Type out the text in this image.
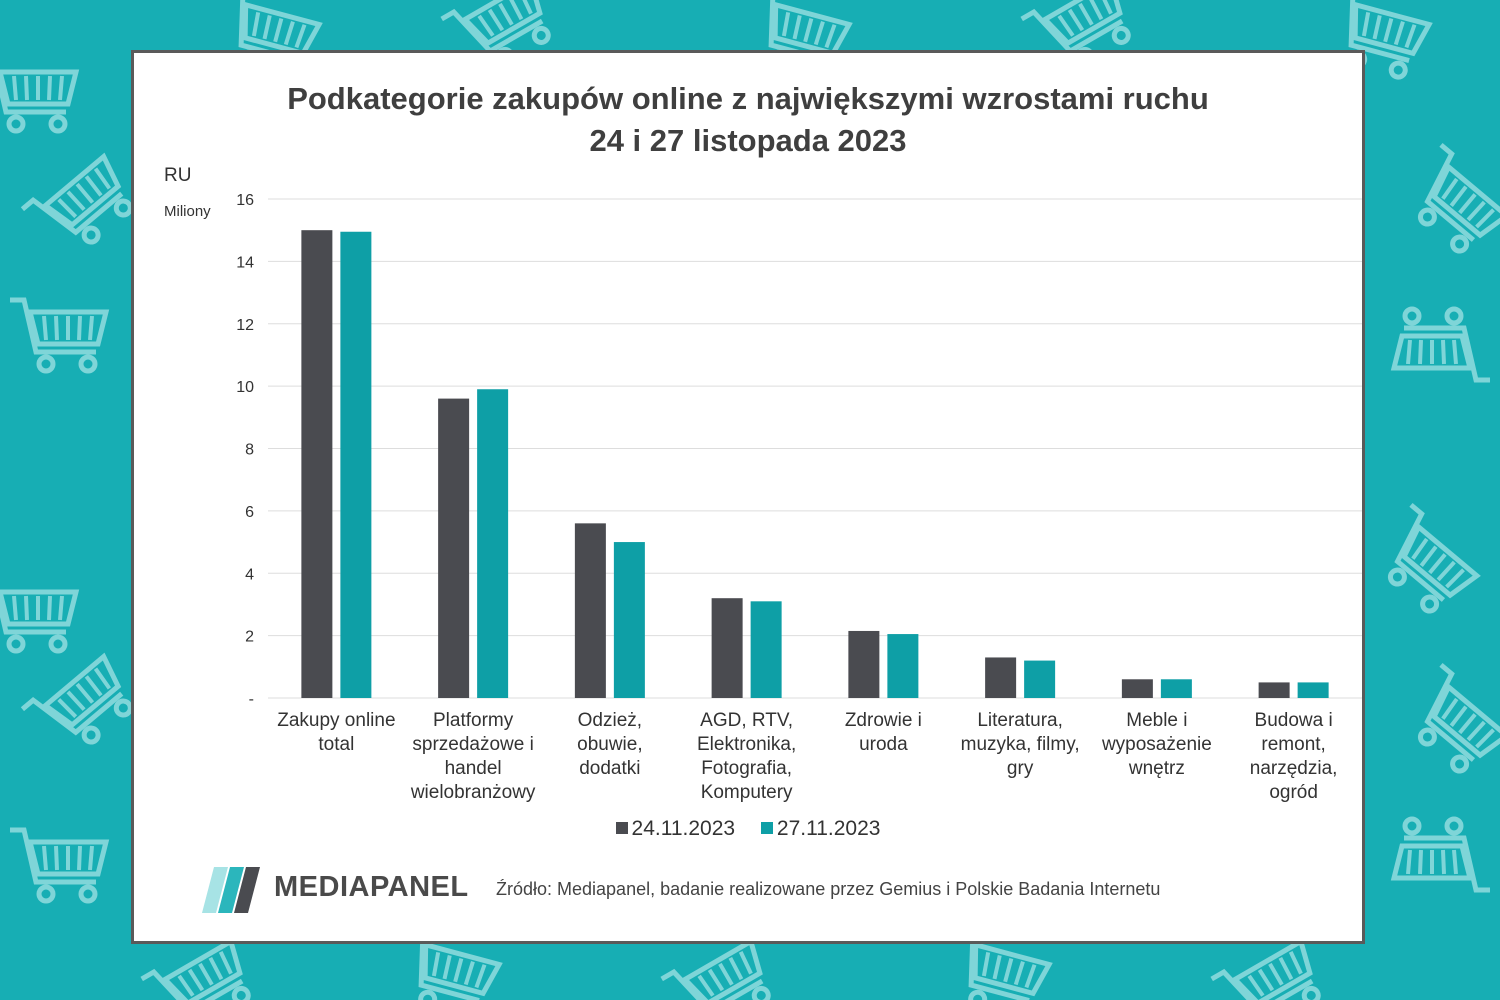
Podkategorie zakupów online z największymi wzrostami ruchu
24 i 27 listopada 2023
RU
Miliony
-
2
4
6
8
10
12
14
16
Zakupy online
total
Platformy
sprzedażowe i
handel
wielobranżowy
Odzież,
obuwie,
dodatki
AGD, RTV,
Elektronika,
Fotografia,
Komputery
Zdrowie i
uroda
Literatura,
muzyka, filmy,
gry
Meble i
wyposażenie
wnętrz
Budowa i
remont,
narzędzia,
ogród
24.11.2023 27.11.2023
MEDIAPANEL Źródło: Mediapanel, badanie realizowane przez Gemius i Polskie Badania Internetu
